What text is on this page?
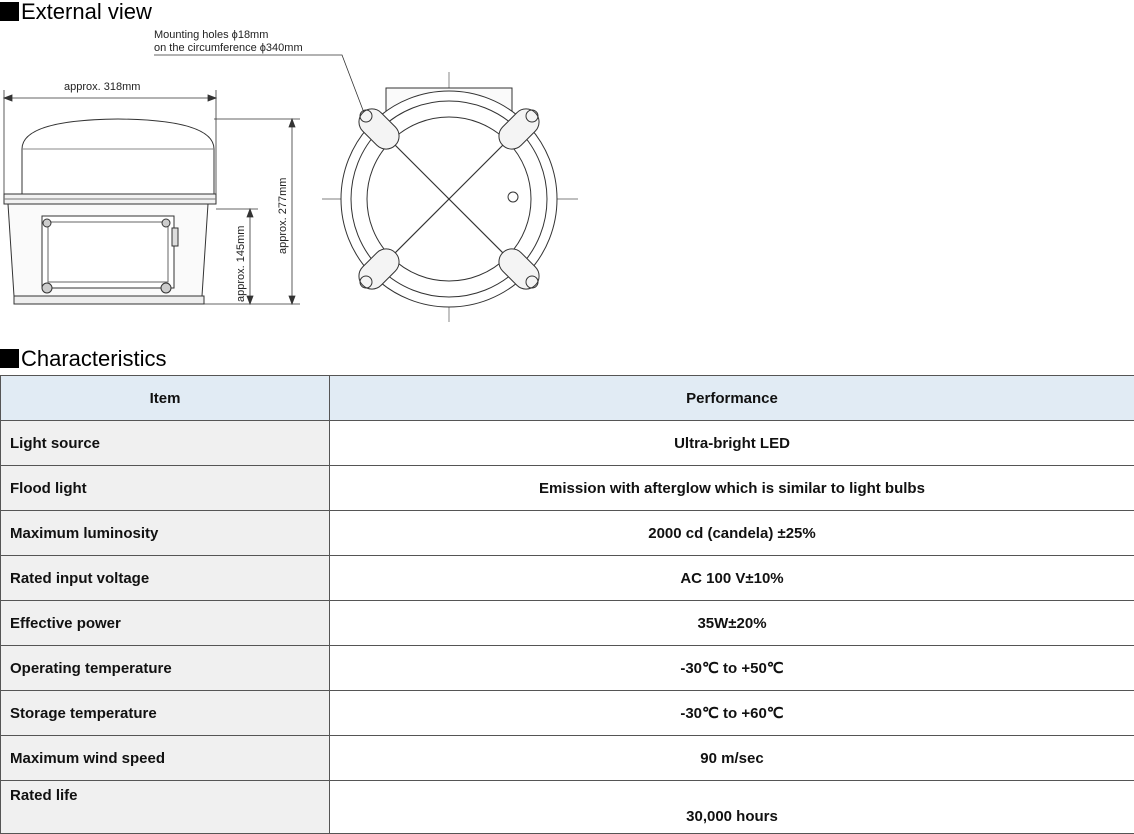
External view
approx. 318mm
approx. 277mm
approx. 145mm
Mounting holes ϕ18mm
on the circumference ϕ340mm
Characteristics
Item	Performance
Light source	Ultra-bright LED
Flood light	Emission with afterglow which is similar to light bulbs
Maximum luminosity	2000 cd (candela) ±25%
Rated input voltage	AC 100 V±10%
Effective power	35W±20%
Operating temperature	-30℃ to +50℃
Storage temperature	-30℃ to +60℃
Maximum wind speed	90 m/sec
Rated life	30,000 hours
